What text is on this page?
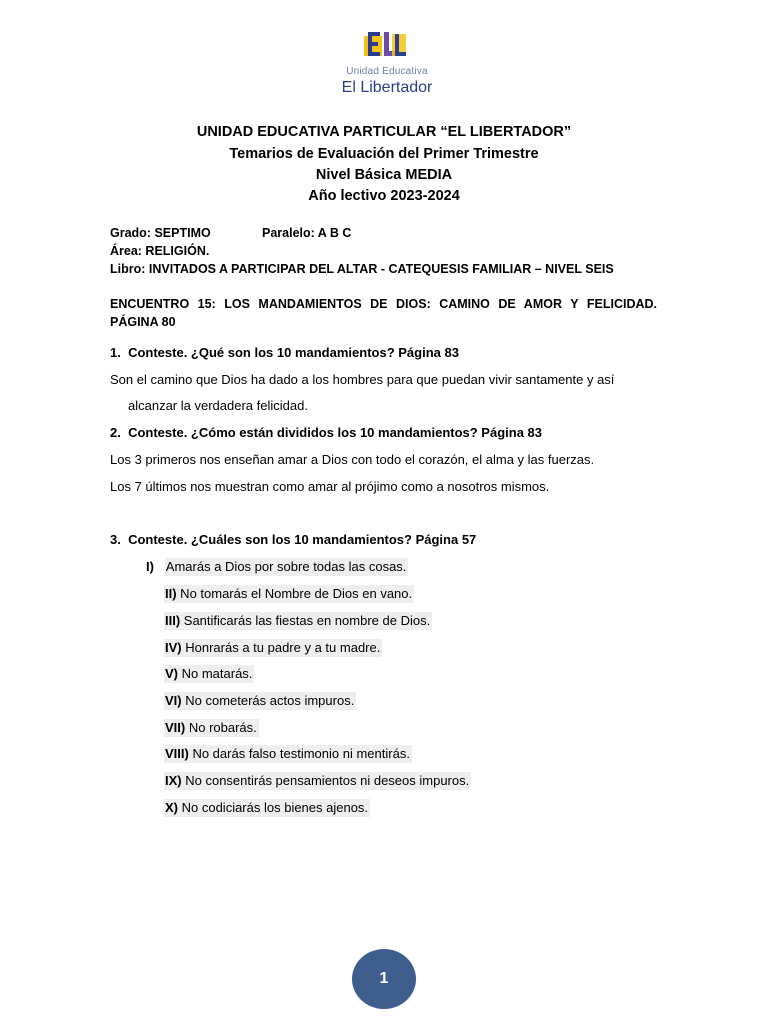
Unidad Educativa
El Libertador
UNIDAD EDUCATIVA PARTICULAR “EL LIBERTADOR”
Temarios de Evaluación del Primer Trimestre
Nivel Básica MEDIA
Año lectivo 2023-2024
Grado: SEPTIMO	Paralelo: A B C
Área: RELIGIÓN.
Libro: INVITADOS A PARTICIPAR DEL ALTAR - CATEQUESIS FAMILIAR – NIVEL SEIS
ENCUENTRO 15: LOS MANDAMIENTOS DE DIOS: CAMINO DE AMOR Y FELICIDAD.
PÁGINA 80
1. Conteste. ¿Qué son los 10 mandamientos? Página 83
Son el camino que Dios ha dado a los hombres para que puedan vivir santamente y así
alcanzar la verdadera felicidad.
2. Conteste. ¿Cómo están divididos los 10 mandamientos? Página 83
Los 3 primeros nos enseñan amar a Dios con todo el corazón, el alma y las fuerzas.
Los 7 últimos nos muestran como amar al prójimo como a nosotros mismos.
3. Conteste. ¿Cuáles son los 10 mandamientos? Página 57
I) Amarás a Dios por sobre todas las cosas.
II) No tomarás el Nombre de Dios en vano.
III) Santificarás las fiestas en nombre de Dios.
IV) Honrarás a tu padre y a tu madre.
V) No matarás.
VI) No cometerás actos impuros.
VII) No robarás.
VIII) No darás falso testimonio ni mentirás.
IX) No consentirás pensamientos ni deseos impuros.
X) No codiciarás los bienes ajenos.
1
